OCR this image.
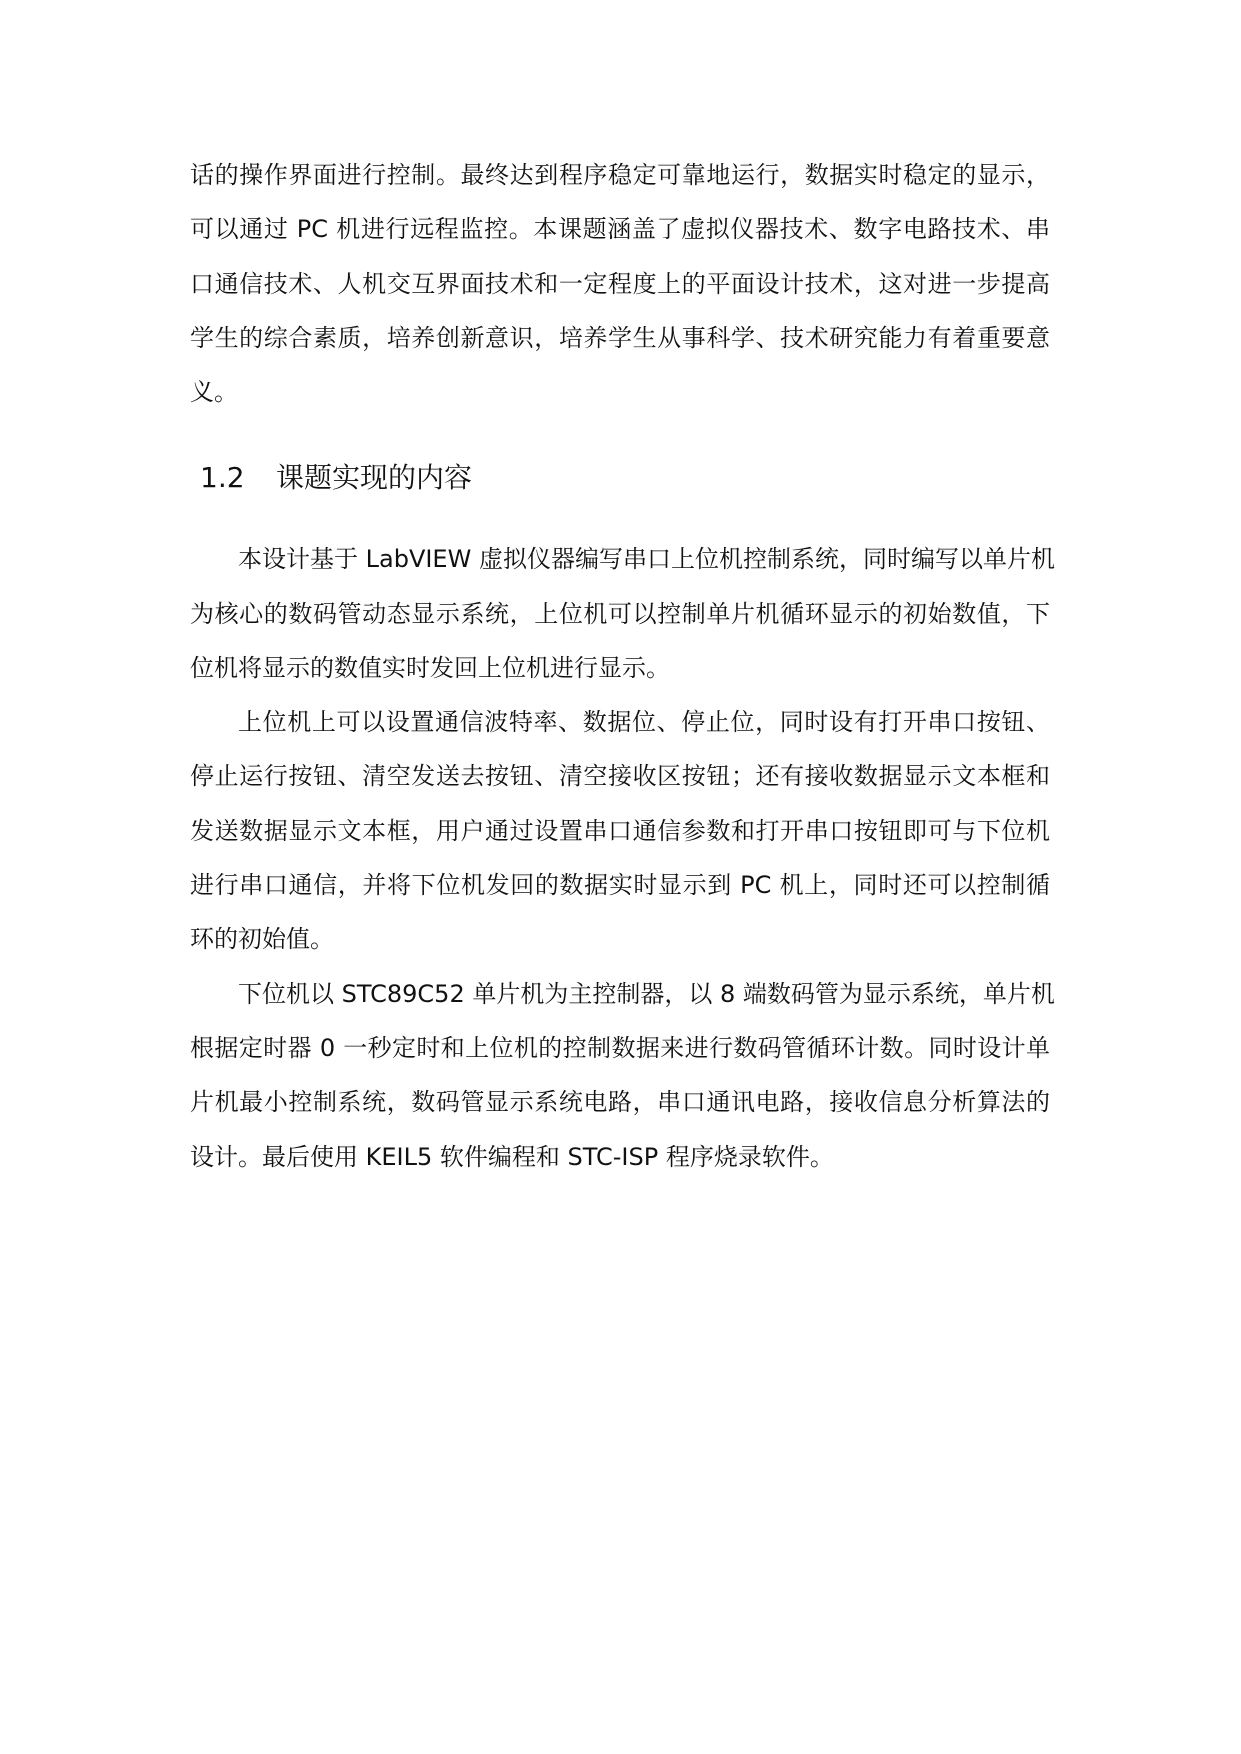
话的操作界面进行控制。最终达到程序稳定可靠地运行，数据实时稳定的显示，
可以通过 PC 机进行远程监控。本课题涵盖了虚拟仪器技术、数字电路技术、串
口通信技术、人机交互界面技术和一定程度上的平面设计技术，这对进一步提高
学生的综合素质，培养创新意识，培养学生从事科学、技术研究能力有着重要意
义。
1.2 课题实现的内容
本设计基于 LabVIEW 虚拟仪器编写串口上位机控制系统，同时编写以单片机
为核心的数码管动态显示系统，上位机可以控制单片机循环显示的初始数值，下
位机将显示的数值实时发回上位机进行显示。
上位机上可以设置通信波特率、数据位、停止位，同时设有打开串口按钮、
停止运行按钮、清空发送去按钮、清空接收区按钮；还有接收数据显示文本框和
发送数据显示文本框，用户通过设置串口通信参数和打开串口按钮即可与下位机
进行串口通信，并将下位机发回的数据实时显示到 PC 机上，同时还可以控制循
环的初始值。
下位机以 STC89C52 单片机为主控制器，以 8 端数码管为显示系统，单片机
根据定时器 0 一秒定时和上位机的控制数据来进行数码管循环计数。同时设计单
片机最小控制系统，数码管显示系统电路，串口通讯电路，接收信息分析算法的
设计。最后使用 KEIL5 软件编程和 STC-ISP 程序烧录软件。
